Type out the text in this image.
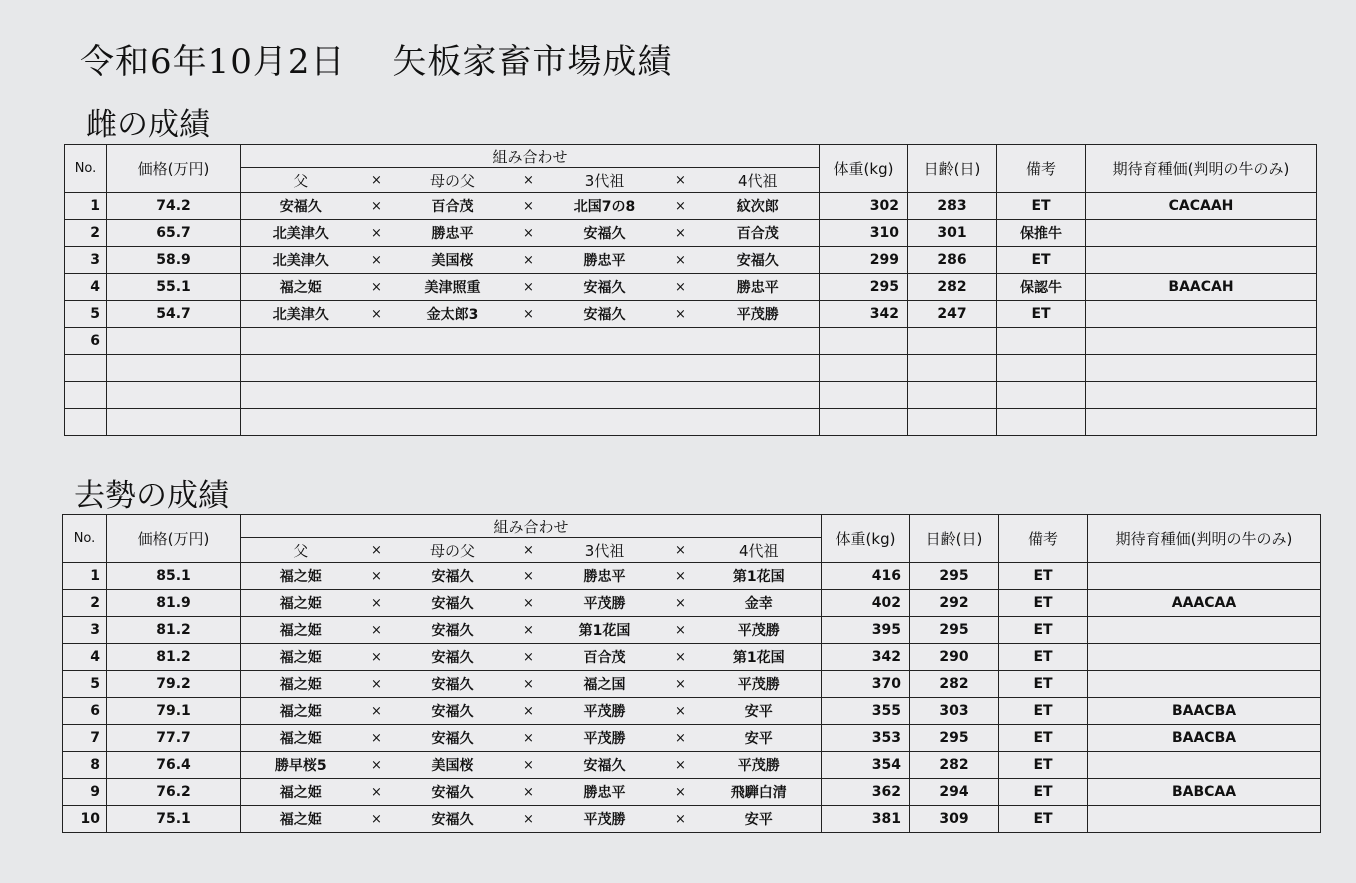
令和6年10月2日　 矢板家畜市場成績
雌の成績
No.	価格(万円)	組み合わせ							体重(kg)	日齢(日)	備考	期待育種価(判明の牛のみ)
		父	×	母の父	×	3代祖	×	4代祖				
1	74.2	安福久	×	百合茂	×	北国7の8	×	紋次郎	302	283	ET	CACAAH
2	65.7	北美津久	×	勝忠平	×	安福久	×	百合茂	310	301	保推牛	
3	58.9	北美津久	×	美国桜	×	勝忠平	×	安福久	299	286	ET	
4	55.1	福之姫	×	美津照重	×	安福久	×	勝忠平	295	282	保認牛	BAACAH
5	54.7	北美津久	×	金太郎3	×	安福久	×	平茂勝	342	247	ET	
6												

去勢の成績
No.	価格(万円)	組み合わせ							体重(kg)	日齢(日)	備考	期待育種価(判明の牛のみ)
		父	×	母の父	×	3代祖	×	4代祖				
1	85.1	福之姫	×	安福久	×	勝忠平	×	第1花国	416	295	ET	
2	81.9	福之姫	×	安福久	×	平茂勝	×	金幸	402	292	ET	AAACAA
3	81.2	福之姫	×	安福久	×	第1花国	×	平茂勝	395	295	ET	
4	81.2	福之姫	×	安福久	×	百合茂	×	第1花国	342	290	ET	
5	79.2	福之姫	×	安福久	×	福之国	×	平茂勝	370	282	ET	
6	79.1	福之姫	×	安福久	×	平茂勝	×	安平	355	303	ET	BAACBA
7	77.7	福之姫	×	安福久	×	平茂勝	×	安平	353	295	ET	BAACBA
8	76.4	勝早桜5	×	美国桜	×	安福久	×	平茂勝	354	282	ET	
9	76.2	福之姫	×	安福久	×	勝忠平	×	飛騨白清	362	294	ET	BABCAA
10	75.1	福之姫	×	安福久	×	平茂勝	×	安平	381	309	ET	
